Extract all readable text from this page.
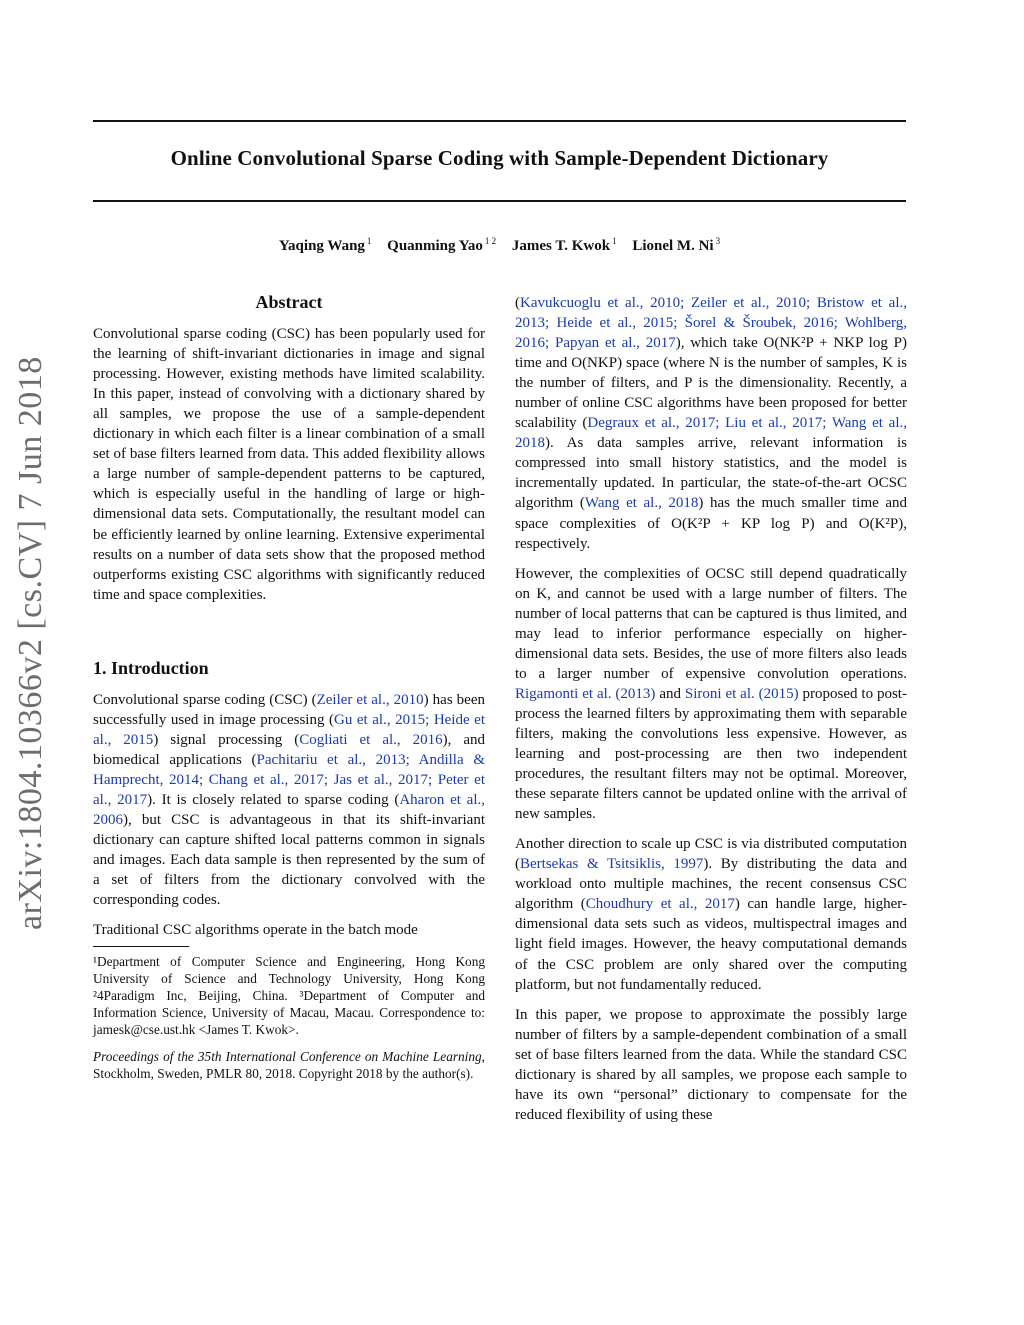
arXiv:1804.10366v2 [cs.CV] 7 Jun 2018
Online Convolutional Sparse Coding with Sample-Dependent Dictionary
Yaqing Wang $^1$ Quanming Yao $^{1 2}$ James T. Kwok $^1$ Lionel M. Ni $^3$
Abstract

Convolutional sparse coding (CSC) has been popularly used for the learning of shift-invariant dictionaries in image and signal processing. However, existing methods have limited scalability. In this paper, instead of convolving with a dictionary shared by all samples, we propose the use of a sample-dependent dictionary in which each filter is a linear combination of a small set of base filters learned from data. This added flexibility allows a large number of sample-dependent patterns to be captured, which is especially useful in the handling of large or high-dimensional data sets. Computationally, the resultant model can be efficiently learned by online learning. Extensive experimental results on a number of data sets show that the proposed method outperforms existing CSC algorithms with significantly reduced time and space complexities.

1. Introduction

Convolutional sparse coding (CSC) (Zeiler et al., 2010) has been successfully used in image processing (Gu et al., 2015; Heide et al., 2015) signal processing (Cogliati et al., 2016), and biomedical applications (Pachitariu et al., 2013; Andilla & Hamprecht, 2014; Chang et al., 2017; Jas et al., 2017; Peter et al., 2017). It is closely related to sparse coding (Aharon et al., 2006), but CSC is advantageous in that its shift-invariant dictionary can capture shifted local patterns common in signals and images. Each data sample is then represented by the sum of a set of filters from the dictionary convolved with the corresponding codes.

Traditional CSC algorithms operate in the batch mode

¹Department of Computer Science and Engineering, Hong Kong University of Science and Technology University, Hong Kong ²4Paradigm Inc, Beijing, China. ³Department of Computer and Information Science, University of Macau, Macau. Correspondence to: jamesk@cse.ust.hk <James T. Kwok>.

Proceedings of the 35th International Conference on Machine Learning, Stockholm, Sweden, PMLR 80, 2018. Copyright 2018 by the author(s).

(Kavukcuoglu et al., 2010; Zeiler et al., 2010; Bristow et al., 2013; Heide et al., 2015; Šorel & Šroubek, 2016; Wohlberg, 2016; Papyan et al., 2017), which take O(NK²P + NKP log P) time and O(NKP) space (where N is the number of samples, K is the number of filters, and P is the dimensionality. Recently, a number of online CSC algorithms have been proposed for better scalability (Degraux et al., 2017; Liu et al., 2017; Wang et al., 2018). As data samples arrive, relevant information is compressed into small history statistics, and the model is incrementally updated. In particular, the state-of-the-art OCSC algorithm (Wang et al., 2018) has the much smaller time and space complexities of O(K²P + KP log P) and O(K²P), respectively.

However, the complexities of OCSC still depend quadratically on K, and cannot be used with a large number of filters. The number of local patterns that can be captured is thus limited, and may lead to inferior performance especially on higher-dimensional data sets. Besides, the use of more filters also leads to a larger number of expensive convolution operations. Rigamonti et al. (2013) and Sironi et al. (2015) proposed to post-process the learned filters by approximating them with separable filters, making the convolutions less expensive. However, as learning and post-processing are then two independent procedures, the resultant filters may not be optimal. Moreover, these separate filters cannot be updated online with the arrival of new samples.

Another direction to scale up CSC is via distributed computation (Bertsekas & Tsitsiklis, 1997). By distributing the data and workload onto multiple machines, the recent consensus CSC algorithm (Choudhury et al., 2017) can handle large, higher-dimensional data sets such as videos, multispectral images and light field images. However, the heavy computational demands of the CSC problem are only shared over the computing platform, but not fundamentally reduced.

In this paper, we propose to approximate the possibly large number of filters by a sample-dependent combination of a small set of base filters learned from the data. While the standard CSC dictionary is shared by all samples, we propose each sample to have its own “personal” dictionary to compensate for the reduced flexibility of using these
